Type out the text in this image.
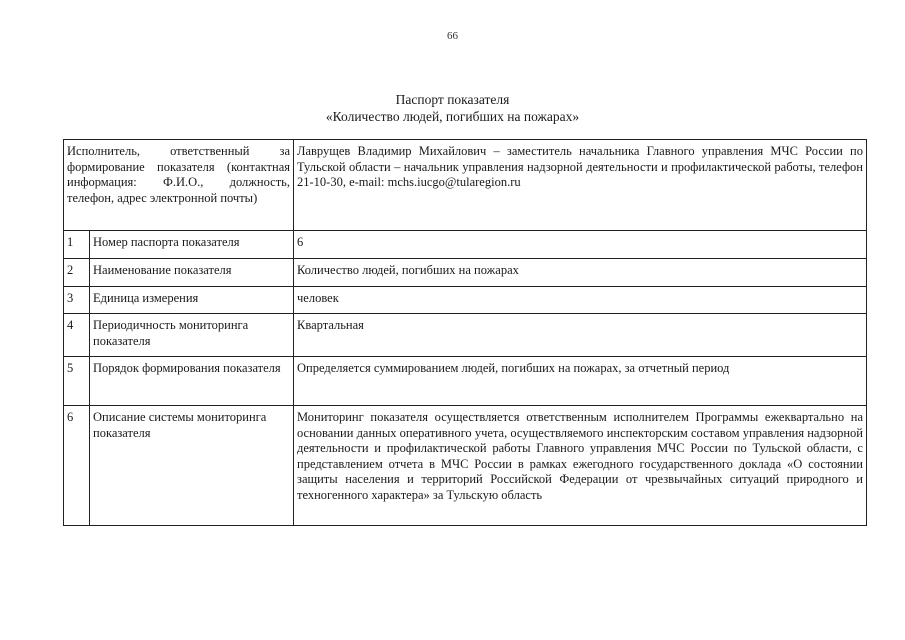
66
Паспорт показателя
«Количество людей, погибших на пожарах»
Исполнитель, ответственный за формирование показателя (контактная информация: Ф.И.О., должность, телефон, адрес электронной почты)		Лаврущев Владимир Михайлович – заместитель начальника Главного управления МЧС России по Тульской области – начальник управления надзорной деятельности и профилактической работы, телефон 21-10-30, e-mail: mchs.iucgo@tularegion.ru
1	Номер паспорта показателя	6
2	Наименование показателя	Количество людей, погибших на пожарах
3	Единица измерения	человек
4	Периодичность мониторинга показателя	Квартальная
5	Порядок формирования показателя	Определяется суммированием людей, погибших на пожарах, за отчетный период
6	Описание системы мониторинга показателя	Мониторинг показателя осуществляется ответственным исполнителем Программы ежеквартально на основании данных оперативного учета, осуществляемого инспекторским составом управления надзорной деятельности и профилактической работы Главного управления МЧС России по Тульской области, с представлением отчета в МЧС России в рамках ежегодного государственного доклада «О состоянии защиты населения и территорий Российской Федерации от чрезвычайных ситуаций природного и техногенного характера» за Тульскую область
